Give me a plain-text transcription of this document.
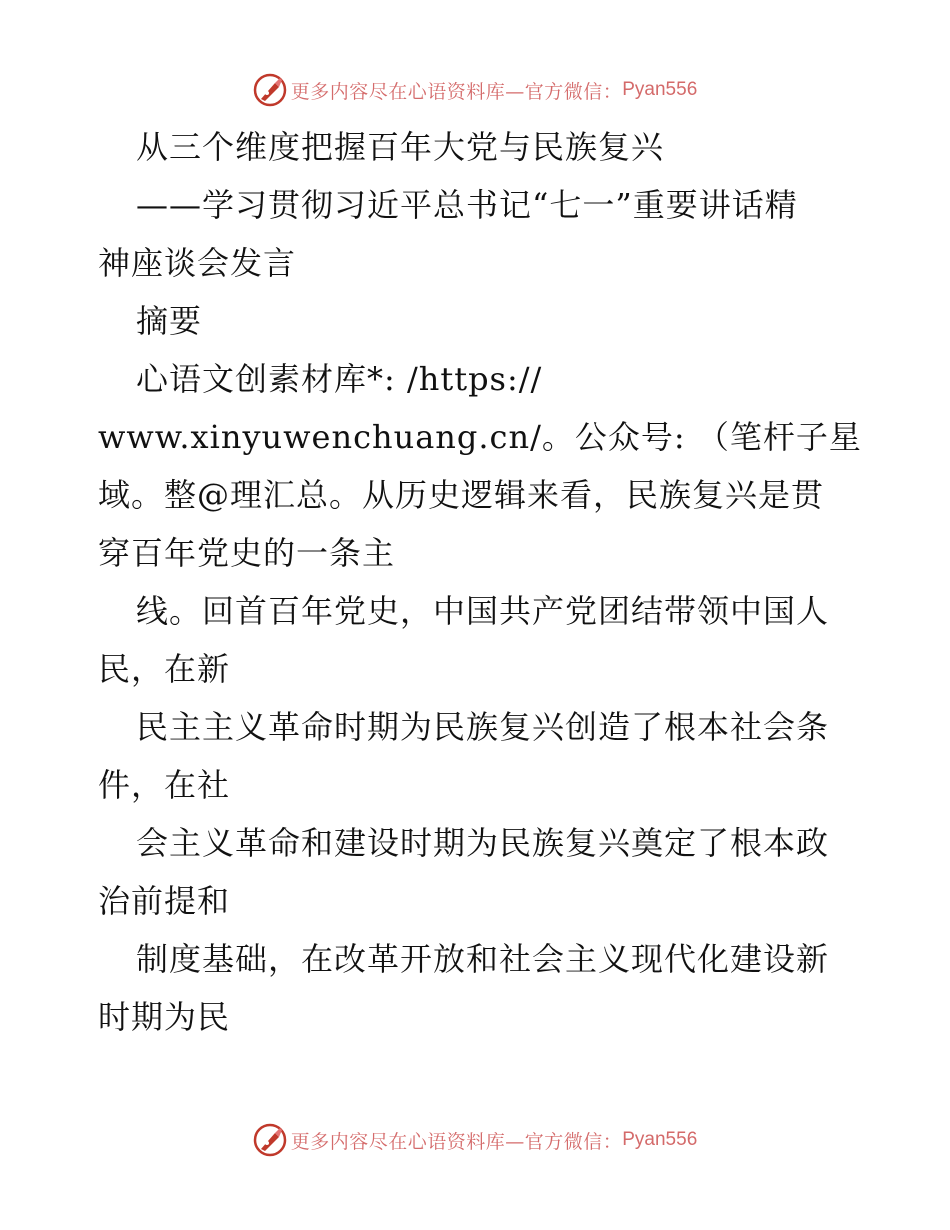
更多内容尽在心语资料库—官方微信： Pyan556
从三个维度把握百年大党与民族复兴
——学习贯彻习近平总书记“七一”重要讲话精
神座谈会发言
摘要
心语文创素材库*: /https://
www.xinyuwenchuang.cn/。公众号: （笔杆子星
域。整@理汇总。从历史逻辑来看，民族复兴是贯
穿百年党史的一条主
线。回首百年党史，中国共产党团结带领中国人
民，在新
民主主义革命时期为民族复兴创造了根本社会条
件，在社
会主义革命和建设时期为民族复兴奠定了根本政
治前提和
制度基础，在改革开放和社会主义现代化建设新
时期为民
更多内容尽在心语资料库—官方微信： Pyan556
